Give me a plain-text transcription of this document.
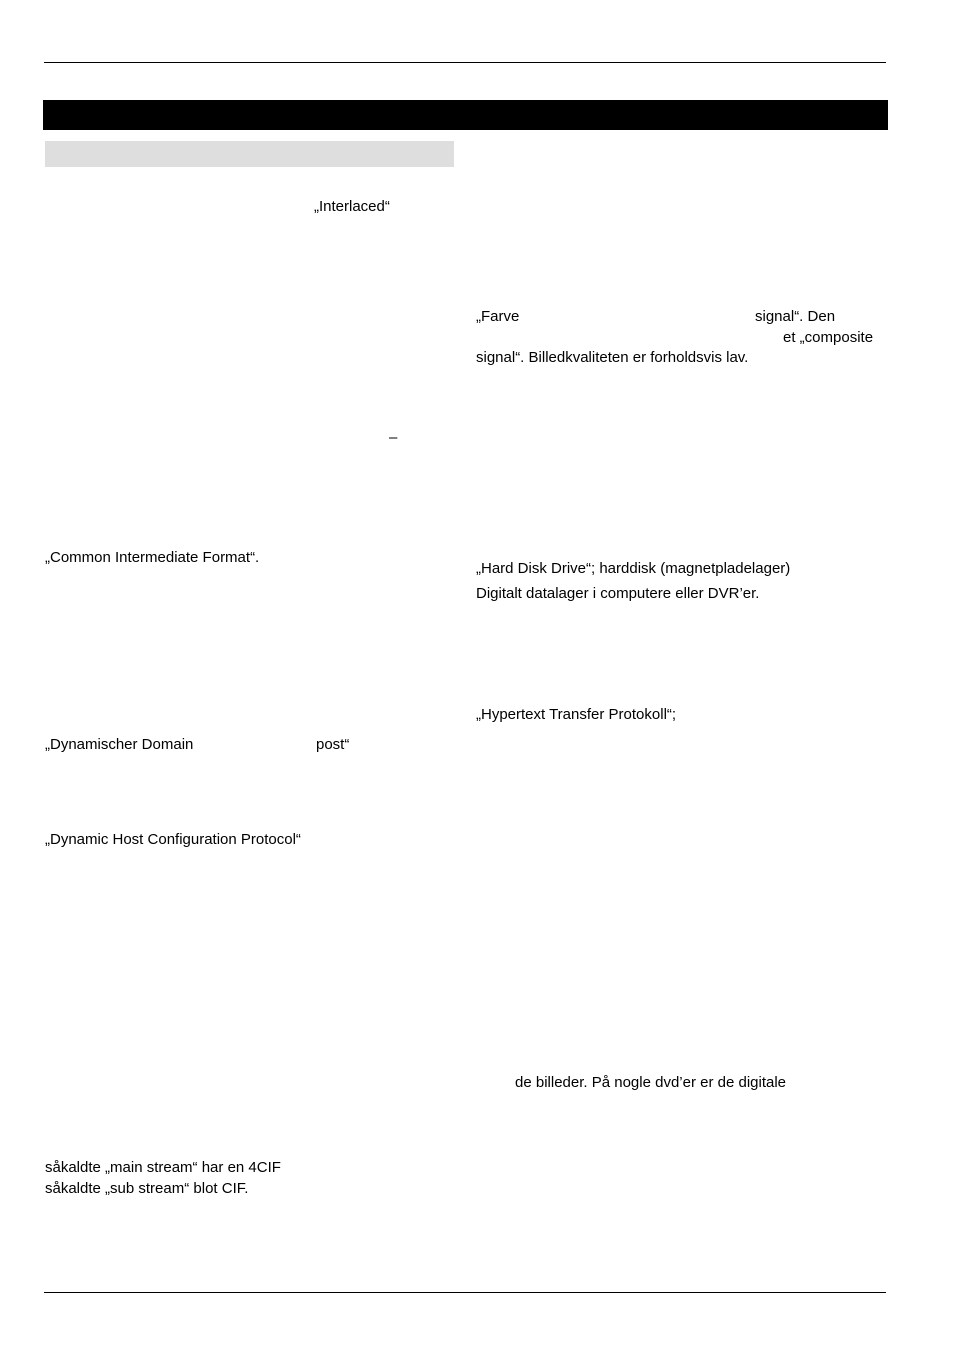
„Interlaced“
–
„Common Intermediate Format“.
„Dynamischer Domain	post“
„Dynamic Host Configuration Protocol“
såkaldte „main stream“ har en 4CIF
såkaldte „sub stream“ blot CIF.
„Farve	signal“. Den
et „composite
signal“. Billedkvaliteten er forholdsvis lav.
„Hard Disk Drive“; harddisk (magnetpladelager)
Digitalt datalager i computere eller DVR’er.
„Hypertext Transfer Protokoll“;
de billeder. På nogle dvd’er er de digitale
